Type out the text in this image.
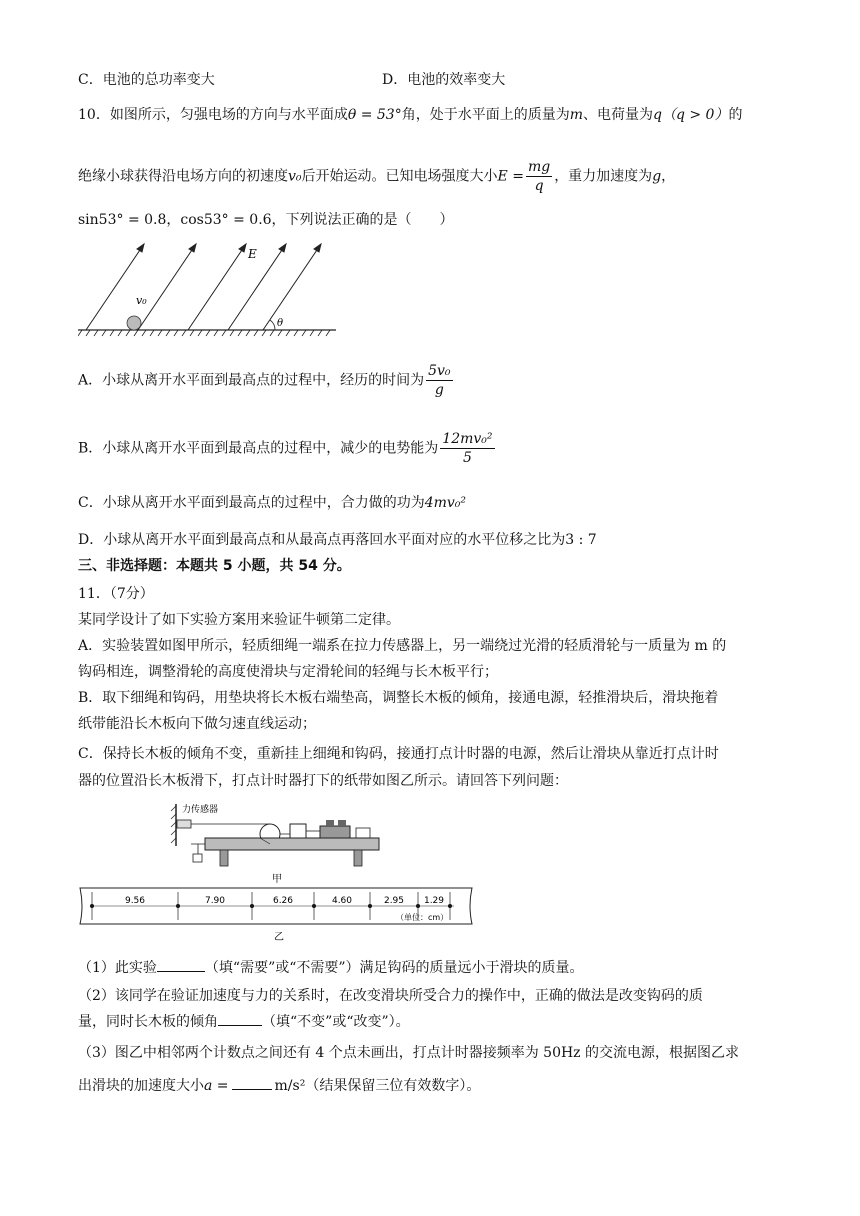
C．电池的总功率变大	D．电池的效率变大
10．如图所示，匀强电场的方向与水平面成θ = 53°角，处于水平面上的质量为m、电荷量为q（q > 0）的
绝缘小球获得沿电场方向的初速度v₀后开始运动。已知电场强度大小$E = \frac{mg}{q}$ ，重力加速度为g，
sin53° = 0.8，cos53° = 0.6，下列说法正确的是（　　）
E
v₀
θ
A．小球从离开水平面到最高点的过程中，经历的时间为 $\frac{\text{5v₀}}{g}$
B．小球从离开水平面到最高点的过程中，减少的电势能为 $\frac{\text{12mv₀²}}{5}$
C．小球从离开水平面到最高点的过程中，合力做的功为4mv₀²
D．小球从离开水平面到最高点和从最高点再落回水平面对应的水平位移之比为3 : 7
三、非选择题：本题共 5 小题，共 54 分。
11．（7分）
某同学设计了如下实验方案用来验证牛顿第二定律。
A．实验装置如图甲所示，轻质细绳一端系在拉力传感器上，另一端绕过光滑的轻质滑轮与一质量为 m 的
钩码相连，调整滑轮的高度使滑块与定滑轮间的轻绳与长木板平行；
B．取下细绳和钩码，用垫块将长木板右端垫高，调整长木板的倾角，接通电源，轻推滑块后，滑块拖着
纸带能沿长木板向下做匀速直线运动；
C．保持长木板的倾角不变，重新挂上细绳和钩码，接通打点计时器的电源，然后让滑块从靠近打点计时
器的位置沿长木板滑下，打点计时器打下的纸带如图乙所示。请回答下列问题：
力传感器
甲
9.56	7.90	6.26	4.60	2.95 1.29
（单位：cm）
乙
（1）此实验	（填“需要”或“不需要”）满足钩码的质量远小于滑块的质量。
（2）该同学在验证加速度与力的关系时，在改变滑块所受合力的操作中，正确的做法是改变钩码的质
量，同时长木板的倾角	（填“不变”或“改变”）。
（3）图乙中相邻两个计数点之间还有 4 个点未画出，打点计时器接频率为 50Hz 的交流电源，根据图乙求
出滑块的加速度大小a =	m/s²（结果保留三位有效数字）。
